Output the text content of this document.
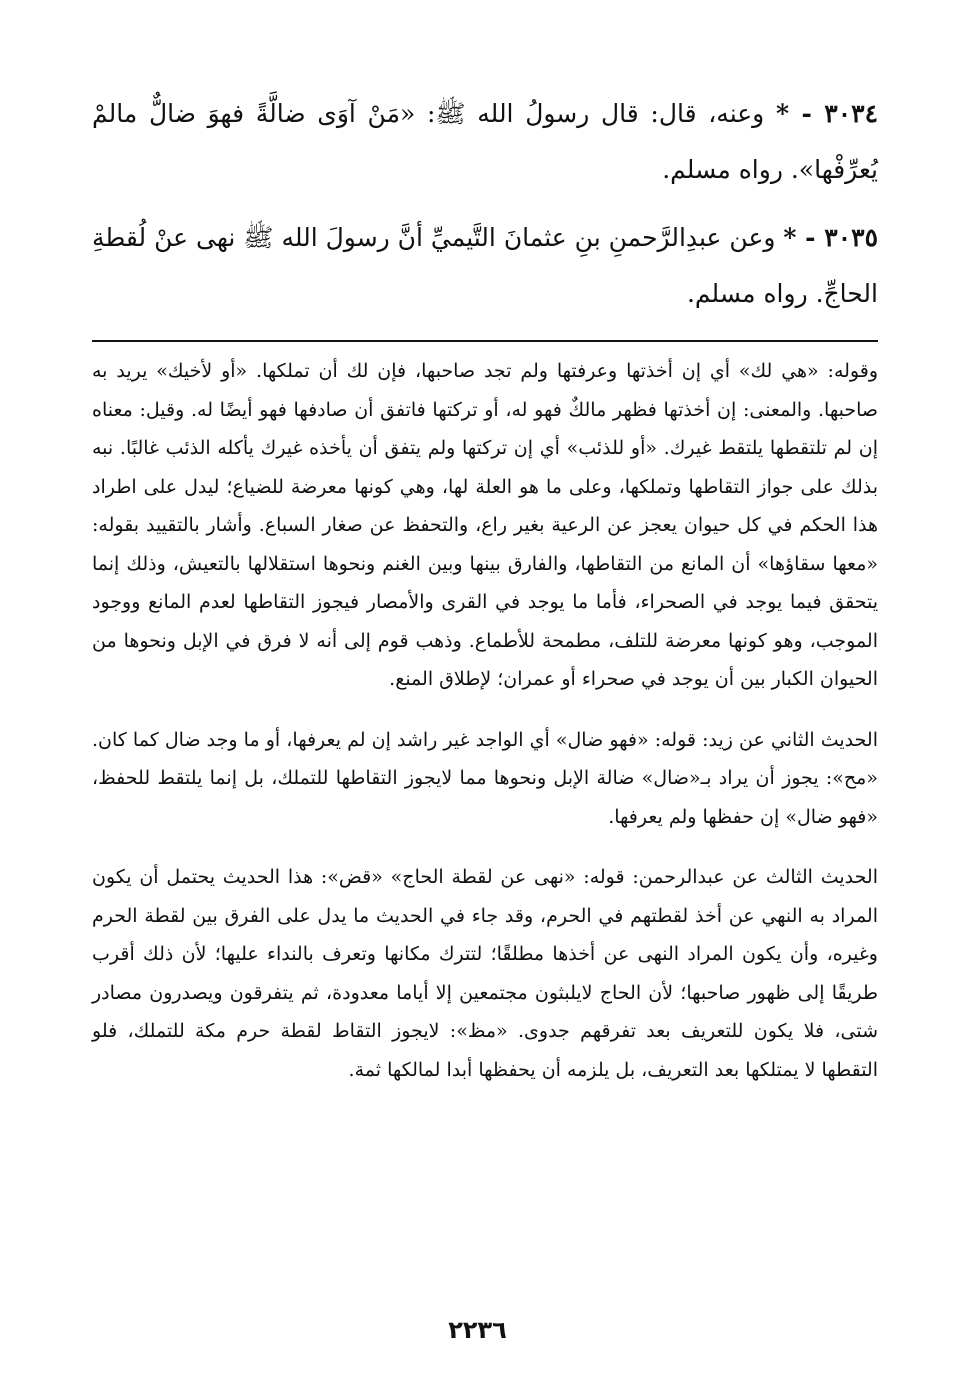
٣٠٣٤ - * وعنه، قال: قال رسولُ الله ﷺ: «مَنْ آوَى ضالَّةً فهوَ ضالٌّ مالمْ يُعرِّفْها». رواه مسلم.

٣٠٣٥ - * وعن عبدِالرَّحمنِ بنِ عثمانَ التَّيميِّ أنَّ رسولَ الله ﷺ نهى عنْ لُقطةِ الحاجِّ. رواه مسلم.

وقوله: «هي لك» أي إن أخذتها وعرفتها ولم تجد صاحبها، فإن لك أن تملكها. «أو لأخيك» يريد به صاحبها. والمعنى: إن أخذتها فظهر مالكٌ فهو له، أو تركتها فاتفق أن صادفها فهو أيضًا له. وقيل: معناه إن لم تلتقطها يلتقط غيرك. «أو للذئب» أي إن تركتها ولم يتفق أن يأخذه غيرك يأكله الذئب غالبًا. نبه بذلك على جواز التقاطها وتملكها، وعلى ما هو العلة لها، وهي كونها معرضة للضياع؛ ليدل على اطراد هذا الحكم في كل حيوان يعجز عن الرعية بغير راع، والتحفظ عن صغار السباع. وأشار بالتقييد بقوله: «معها سقاؤها» أن المانع من التقاطها، والفارق بينها وبين الغنم ونحوها استقلالها بالتعيش، وذلك إنما يتحقق فيما يوجد في الصحراء، فأما ما يوجد في القرى والأمصار فيجوز التقاطها لعدم المانع ووجود الموجب، وهو كونها معرضة للتلف، مطمحة للأطماع. وذهب قوم إلى أنه لا فرق في الإبل ونحوها من الحيوان الكبار بين أن يوجد في صحراء أو عمران؛ لإطلاق المنع.

الحديث الثاني عن زيد: قوله: «فهو ضال» أي الواجد غير راشد إن لم يعرفها، أو ما وجد ضال كما كان. «مح»: يجوز أن يراد بـ«ضال» ضالة الإبل ونحوها مما لايجوز التقاطها للتملك، بل إنما يلتقط للحفظ، «فهو ضال» إن حفظها ولم يعرفها.

الحديث الثالث عن عبدالرحمن: قوله: «نهى عن لقطة الحاج» «قض»: هذا الحديث يحتمل أن يكون المراد به النهي عن أخذ لقطتهم في الحرم، وقد جاء في الحديث ما يدل على الفرق بين لقطة الحرم وغيره، وأن يكون المراد النهى عن أخذها مطلقًا؛ لتترك مكانها وتعرف بالنداء عليها؛ لأن ذلك أقرب طريقًا إلى ظهور صاحبها؛ لأن الحاج لايلبثون مجتمعين إلا أياما معدودة، ثم يتفرقون ويصدرون مصادر شتى، فلا يكون للتعريف بعد تفرقهم جدوى. «مظ»: لايجوز التقاط لقطة حرم مكة للتملك، فلو التقطها لا يمتلكها بعد التعريف، بل يلزمه أن يحفظها أبدا لمالكها ثمة.

٢٢٣٦
